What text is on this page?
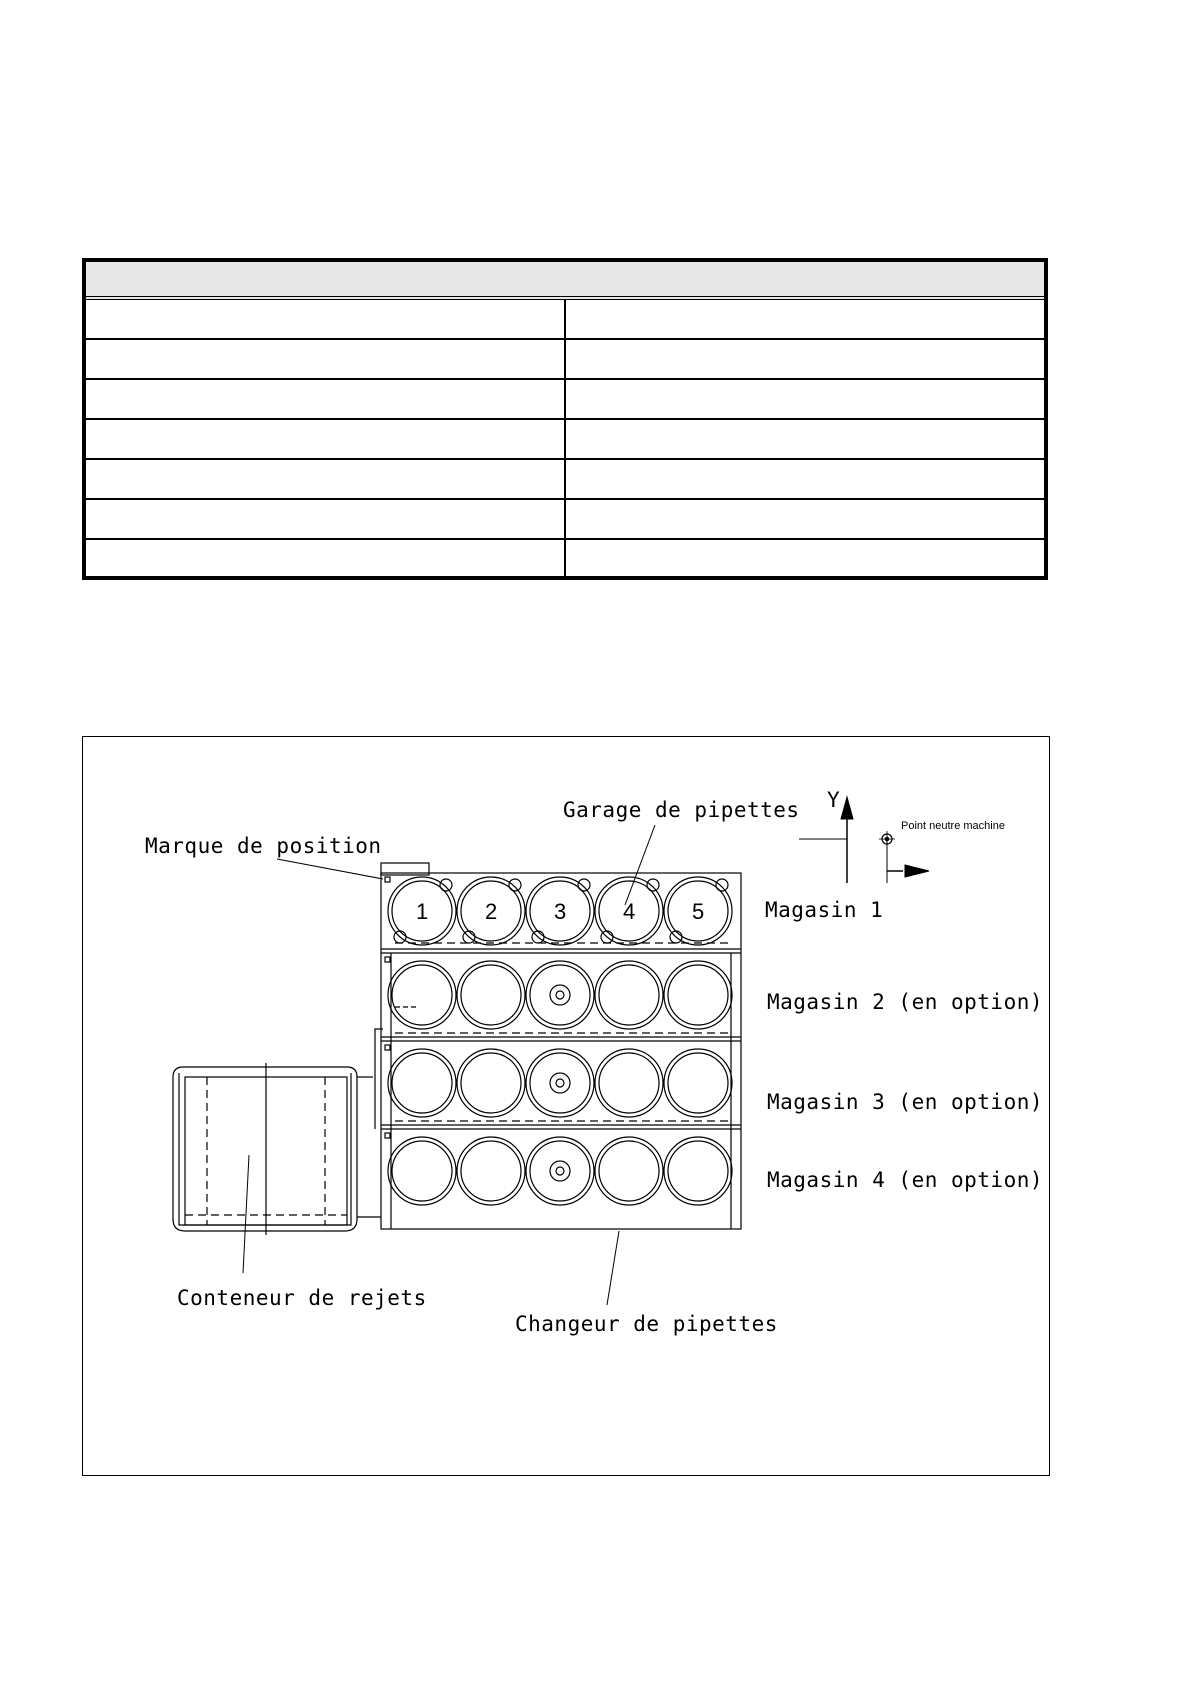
Y
Point neutre machine
Garage de pipettes
Marque de position
Magasin 1
Magasin 2 (en option)
Magasin 3 (en option)
Magasin 4 (en option)
Conteneur de rejets
Changeur de pipettes
1	2	3	4	5
